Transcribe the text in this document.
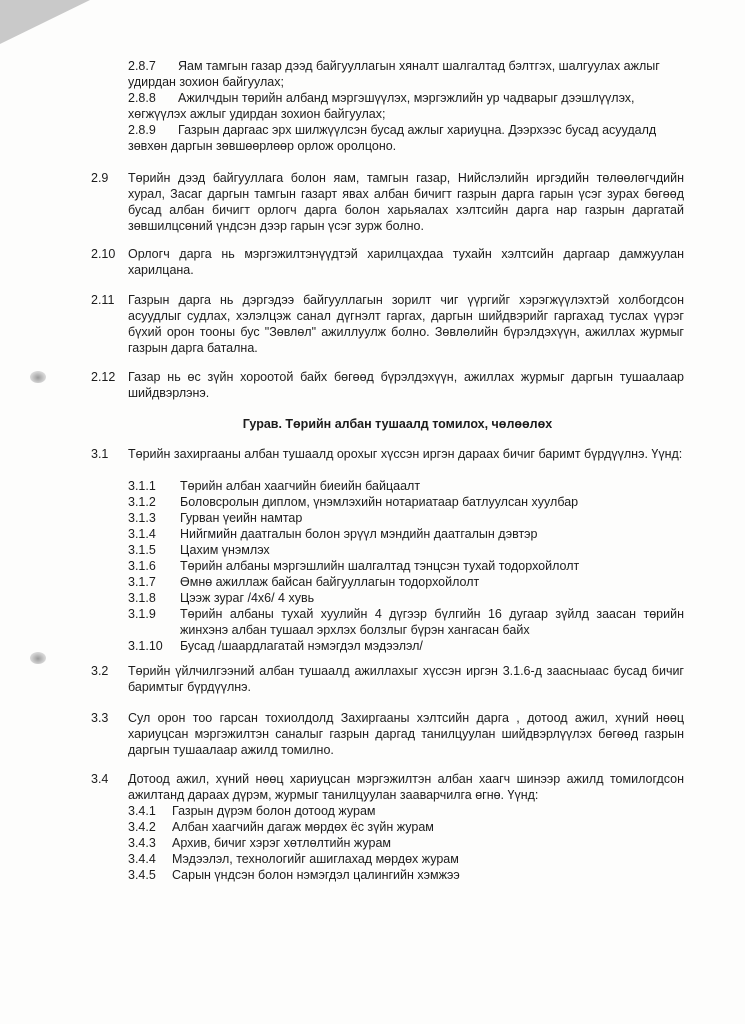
2.8.7 Яам тамгын газар дээд байгууллагын хяналт шалгалтад бэлтгэх, шалгуулах ажлыг удирдан зохион байгуулах;
2.8.8 Ажилчдын төрийн албанд мэргэшүүлэх, мэргэжлийн ур чадварыг дээшлүүлэх, хөгжүүлэх ажлыг удирдан зохион байгуулах;
2.8.9 Газрын даргаас эрх шилжүүлсэн бусад ажлыг хариуцна. Дээрхээс бусад асуудалд зөвхөн даргын зөвшөөрлөөр орлож оролцоно.
2.9 Төрийн дээд байгууллага болон яам, тамгын газар, Нийслэлийн иргэдийн төлөөлөгчдийн хурал, Засаг даргын тамгын газарт явах албан бичигт газрын дарга гарын үсэг зурах бөгөөд бусад албан бичигт орлогч дарга болон харьяалах хэлтсийн дарга нар газрын даргатай зөвшилцсөний үндсэн дээр гарын үсэг зурж болно.
2.10 Орлогч дарга нь мэргэжилтэнүүдтэй харилцахдаа тухайн хэлтсийн даргаар дамжуулан харилцана.
2.11 Газрын дарга нь дэргэдээ байгууллагын зорилт чиг үүргийг хэрэгжүүлэхтэй холбогдсон асуудлыг судлах, хэлэлцэж санал дүгнэлт гаргах, даргын шийдвэрийг гаргахад туслах үүрэг бүхий орон тооны бус "Зөвлөл" ажиллуулж болно. Зөвлөлийн бүрэлдэхүүн, ажиллах журмыг газрын дарга батална.
2.12 Газар нь өс зүйн хороотой байх бөгөөд бүрэлдэхүүн, ажиллах журмыг даргын тушаалаар шийдвэрлэнэ.
Гурав. Төрийн албан тушаалд томилох, чөлөөлөх
3.1 Төрийн захиргааны албан тушаалд орохыг хүссэн иргэн дараах бичиг баримт бүрдүүлнэ. Үүнд:
3.1.1 Төрийн албан хаагчийн биеийн байцаалт
3.1.2 Боловсролын диплом, үнэмлэхийн нотариатаар батлуулсан хуулбар
3.1.3 Гурван үеийн намтар
3.1.4 Нийгмийн даатгалын болон эрүүл мэндийн даатгалын дэвтэр
3.1.5 Цахим үнэмлэх
3.1.6 Төрийн албаны мэргэшлийн шалгалтад тэнцсэн тухай тодорхойлолт
3.1.7 Өмнө ажиллаж байсан байгууллагын тодорхойлолт
3.1.8 Цээж зураг /4х6/ 4 хувь
3.1.9 Төрийн албаны тухай хуулийн 4 дүгээр бүлгийн 16 дугаар зүйлд заасан төрийн жинхэнэ албан тушаал эрхлэх болзлыг бүрэн хангасан байх
3.1.10 Бусад /шаардлагатай нэмэгдэл мэдээлэл/
3.2 Төрийн үйлчилгээний албан тушаалд ажиллахыг хүссэн иргэн 3.1.6-д заасныаас бусад бичиг баримтыг бүрдүүлнэ.
3.3 Сул орон тоо гарсан тохиолдолд Захиргааны хэлтсийн дарга , дотоод ажил, хүний нөөц хариуцсан мэргэжилтэн саналыг газрын даргад танилцуулан шийдвэрлүүлэх бөгөөд газрын даргын тушаалаар ажилд томилно.
3.4 Дотоод ажил, хүний нөөц хариуцсан мэргэжилтэн албан хаагч шинээр ажилд томилогдсон ажилтанд дараах дүрэм, журмыг танилцуулан зааварчилга өгнө. Үүнд:
3.4.1 Газрын дүрэм болон дотоод журам
3.4.2 Албан хаагчийн дагаж мөрдөх ёс зүйн журам
3.4.3 Архив, бичиг хэрэг хөтлөлтийн журам
3.4.4 Мэдээлэл, технологийг ашиглахад мөрдөх журам
3.4.5 Сарын үндсэн болон нэмэгдэл цалингийн хэмжээ
